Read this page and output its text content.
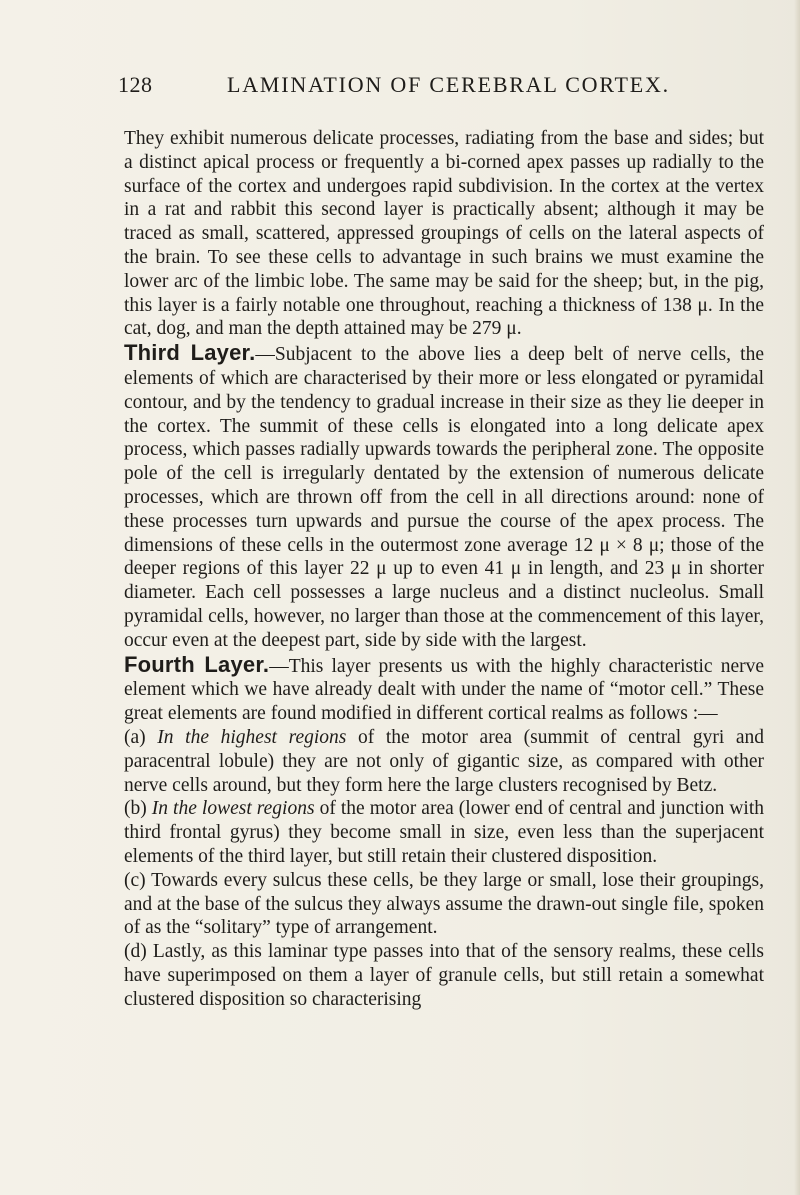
128	LAMINATION OF CEREBRAL CORTEX.

They exhibit numerous delicate processes, radiating from the base and sides; but a distinct apical process or frequently a bi-corned apex passes up radially to the surface of the cortex and undergoes rapid subdivision. In the cortex at the vertex in a rat and rabbit this second layer is practically absent; although it may be traced as small, scattered, appressed groupings of cells on the lateral aspects of the brain. To see these cells to advantage in such brains we must examine the lower arc of the limbic lobe. The same may be said for the sheep; but, in the pig, this layer is a fairly notable one throughout, reaching a thickness of 138 μ. In the cat, dog, and man the depth attained may be 279 μ.

Third Layer.—Subjacent to the above lies a deep belt of nerve cells, the elements of which are characterised by their more or less elongated or pyramidal contour, and by the tendency to gradual increase in their size as they lie deeper in the cortex. The summit of these cells is elongated into a long delicate apex process, which passes radially upwards towards the peripheral zone. The opposite pole of the cell is irregularly dentated by the extension of numerous delicate processes, which are thrown off from the cell in all directions around: none of these processes turn upwards and pursue the course of the apex process. The dimensions of these cells in the outermost zone average 12 μ × 8 μ; those of the deeper regions of this layer 22 μ up to even 41 μ in length, and 23 μ in shorter diameter. Each cell possesses a large nucleus and a distinct nucleolus. Small pyramidal cells, however, no larger than those at the commencement of this layer, occur even at the deepest part, side by side with the largest.

Fourth Layer.—This layer presents us with the highly characteristic nerve element which we have already dealt with under the name of “motor cell.” These great elements are found modified in different cortical realms as follows :—

(a) In the highest regions of the motor area (summit of central gyri and paracentral lobule) they are not only of gigantic size, as compared with other nerve cells around, but they form here the large clusters recognised by Betz.

(b) In the lowest regions of the motor area (lower end of central and junction with third frontal gyrus) they become small in size, even less than the superjacent elements of the third layer, but still retain their clustered disposition.

(c) Towards every sulcus these cells, be they large or small, lose their groupings, and at the base of the sulcus they always assume the drawn-out single file, spoken of as the “solitary” type of arrangement.

(d) Lastly, as this laminar type passes into that of the sensory realms, these cells have superimposed on them a layer of granule cells, but still retain a somewhat clustered disposition so characterising
